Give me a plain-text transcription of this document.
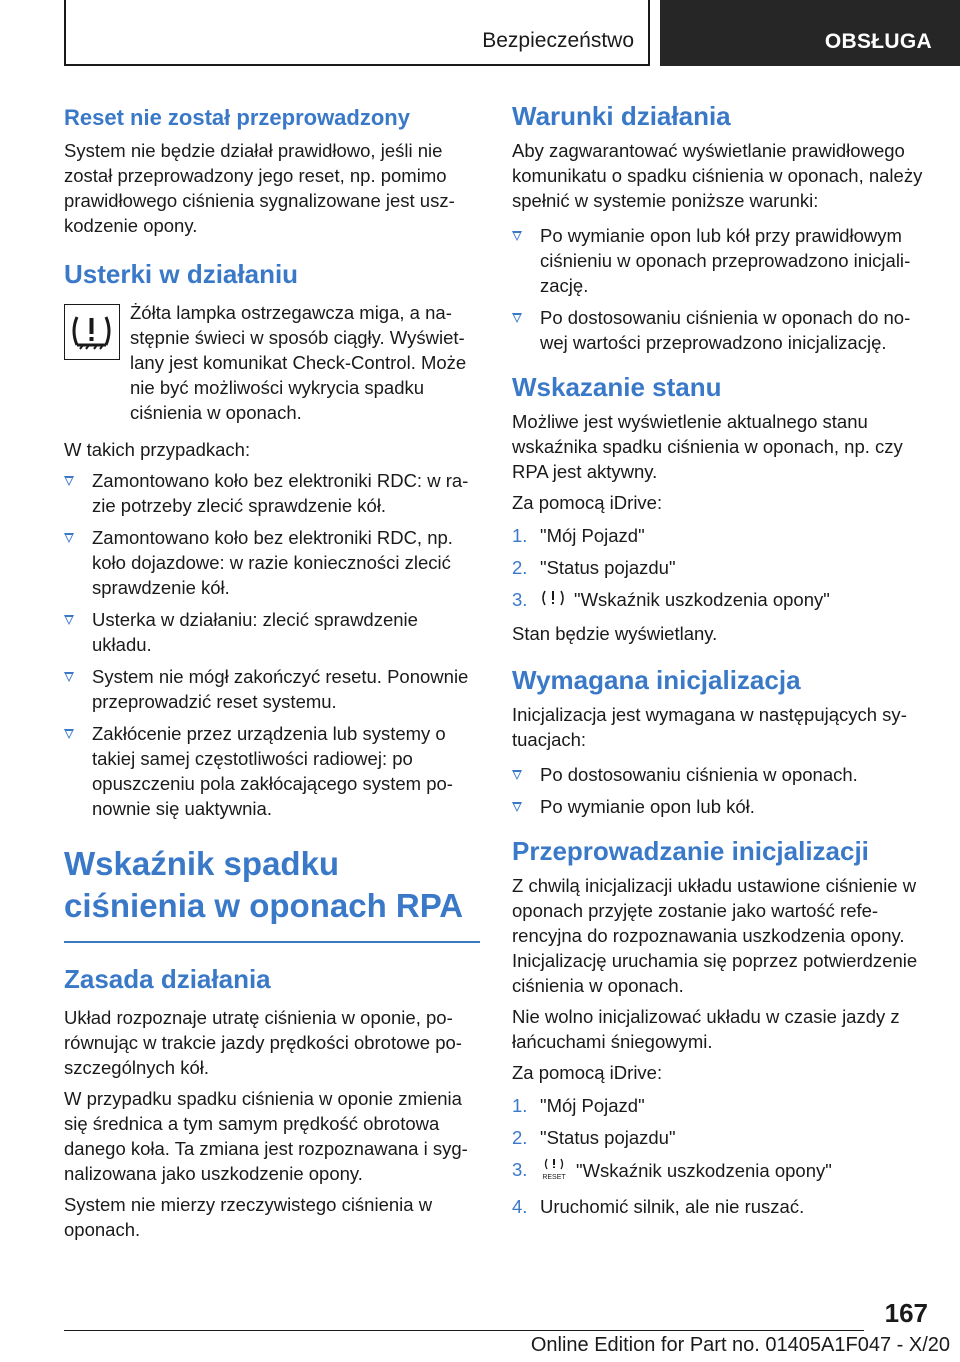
Bezpieczeństwo	OBSŁUGA
Reset nie został przeprowadzony
System nie będzie działał prawidłowo, jeśli nie został przeprowadzony jego reset, np. pomimo prawidłowego ciśnienia sygnalizowane jest uszkodzenie opony.
Usterki w działaniu
Żółta lampka ostrzegawcza miga, a następnie świeci w sposób ciągły. Wyświetlany jest komunikat Check-Control. Może nie być możliwości wykrycia spadku ciśnienia w oponach.
W takich przypadkach:
Zamontowano koło bez elektroniki RDC: w razie potrzeby zlecić sprawdzenie kół.
Zamontowano koło bez elektroniki RDC, np. koło dojazdowe: w razie konieczności zlecić sprawdzenie kół.
Usterka w działaniu: zlecić sprawdzenie układu.
System nie mógł zakończyć resetu. Ponownie przeprowadzić reset systemu.
Zakłócenie przez urządzenia lub systemy o takiej samej częstotliwości radiowej: po opuszczeniu pola zakłócającego system ponownie się uaktywnia.
Wskaźnik spadku ciśnienia w oponach RPA
Zasada działania
Układ rozpoznaje utratę ciśnienia w oponie, porównując w trakcie jazdy prędkości obrotowe poszczególnych kół.
W przypadku spadku ciśnienia w oponie zmienia się średnica a tym samym prędkość obrotowa danego koła. Ta zmiana jest rozpoznawana i sygnalizowana jako uszkodzenie opony.
System nie mierzy rzeczywistego ciśnienia w oponach.
Warunki działania
Aby zagwarantować wyświetlanie prawidłowego komunikatu o spadku ciśnienia w oponach, należy spełnić w systemie poniższe warunki:
Po wymianie opon lub kół przy prawidłowym ciśnieniu w oponach przeprowadzono inicjalizację.
Po dostosowaniu ciśnienia w oponach do nowej wartości przeprowadzono inicjalizację.
Wskazanie stanu
Możliwe jest wyświetlenie aktualnego stanu wskaźnika spadku ciśnienia w oponach, np. czy RPA jest aktywny.
Za pomocą iDrive:
1. "Mój Pojazd"
2. "Status pojazdu"
3.	"Wskaźnik uszkodzenia opony"
Stan będzie wyświetlany.
Wymagana inicjalizacja
Inicjalizacja jest wymagana w następujących sytuacjach:
Po dostosowaniu ciśnienia w oponach.
Po wymianie opon lub kół.
Przeprowadzanie inicjalizacji
Z chwilą inicjalizacji układu ustawione ciśnienie w oponach przyjęte zostanie jako wartość referencyjna do rozpoznawania uszkodzenia opony. Inicjalizację uruchamia się poprzez potwierdzenie ciśnienia w oponach.
Nie wolno inicjalizować układu w czasie jazdy z łańcuchami śniegowymi.
Za pomocą iDrive:
1. "Mój Pojazd"
2. "Status pojazdu"
3. RESET "Wskaźnik uszkodzenia opony"
4. Uruchomić silnik, ale nie ruszać.
167
Online Edition for Part no. 01405A1F047 - X/20
